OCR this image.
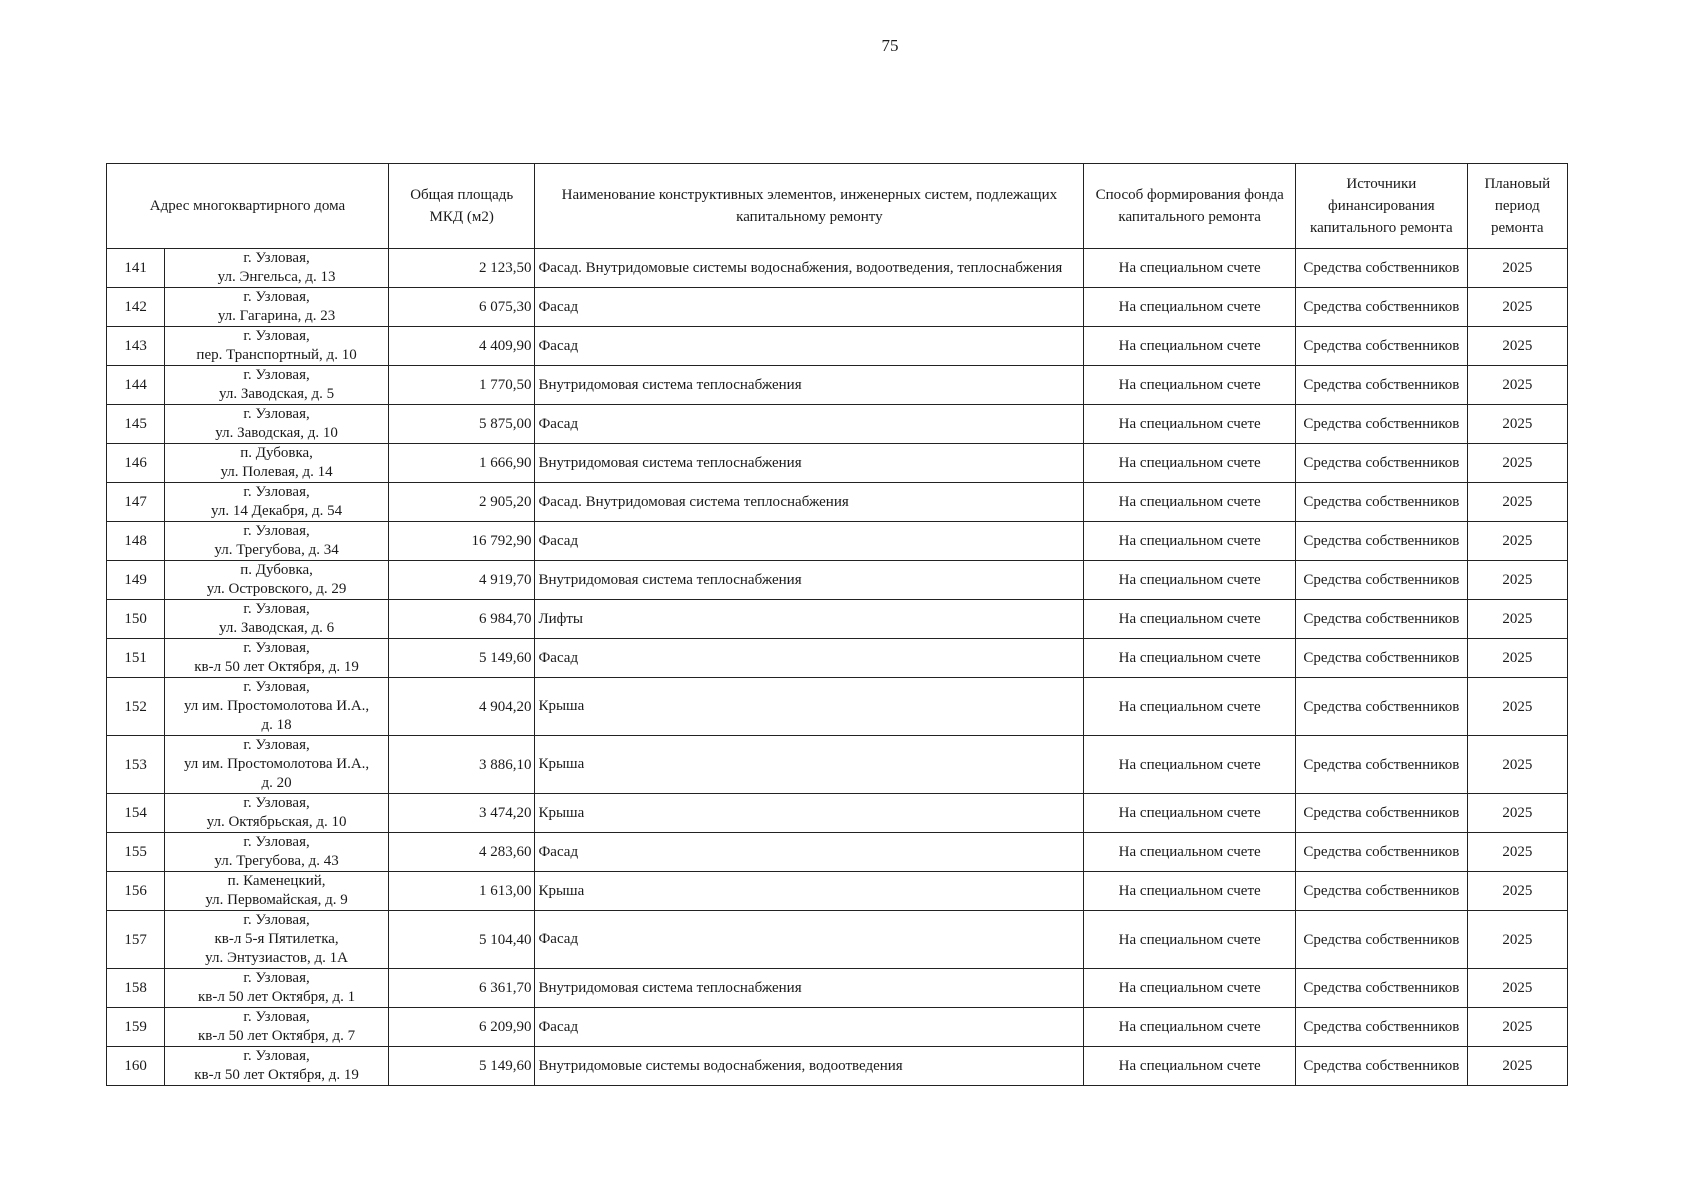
75
Адрес многоквартирного дома		Общая площадь МКД (м2)	Наименование конструктивных элементов, инженерных систем, подлежащих капитальному ремонту	Способ формирования фонда капитального ремонта	Источники финансирования капитального ремонта	Плановый период ремонта
141	г. Узловая,
ул. Энгельса, д. 13	2 123,50	Фасад. Внутридомовые системы водоснабжения, водоотведения, теплоснабжения	На специальном счете	Средства собственников	2025
142	г. Узловая,
ул. Гагарина, д. 23	6 075,30	Фасад	На специальном счете	Средства собственников	2025
143	г. Узловая,
пер. Транспортный, д. 10	4 409,90	Фасад	На специальном счете	Средства собственников	2025
144	г. Узловая,
ул. Заводская, д. 5	1 770,50	Внутридомовая система теплоснабжения	На специальном счете	Средства собственников	2025
145	г. Узловая,
ул. Заводская, д. 10	5 875,00	Фасад	На специальном счете	Средства собственников	2025
146	п. Дубовка,
ул. Полевая, д. 14	1 666,90	Внутридомовая система теплоснабжения	На специальном счете	Средства собственников	2025
147	г. Узловая,
ул. 14 Декабря, д. 54	2 905,20	Фасад. Внутридомовая система теплоснабжения	На специальном счете	Средства собственников	2025
148	г. Узловая,
ул. Трегубова, д. 34	16 792,90	Фасад	На специальном счете	Средства собственников	2025
149	п. Дубовка,
ул. Островского, д. 29	4 919,70	Внутридомовая система теплоснабжения	На специальном счете	Средства собственников	2025
150	г. Узловая,
ул. Заводская, д. 6	6 984,70	Лифты	На специальном счете	Средства собственников	2025
151	г. Узловая,
кв-л 50 лет Октября, д. 19	5 149,60	Фасад	На специальном счете	Средства собственников	2025
152	г. Узловая,
ул им. Простомолотова И.А.,
д. 18	4 904,20	Крыша	На специальном счете	Средства собственников	2025
153	г. Узловая,
ул им. Простомолотова И.А.,
д. 20	3 886,10	Крыша	На специальном счете	Средства собственников	2025
154	г. Узловая,
ул. Октябрьская, д. 10	3 474,20	Крыша	На специальном счете	Средства собственников	2025
155	г. Узловая,
ул. Трегубова, д. 43	4 283,60	Фасад	На специальном счете	Средства собственников	2025
156	п. Каменецкий,
ул. Первомайская, д. 9	1 613,00	Крыша	На специальном счете	Средства собственников	2025
157	г. Узловая,
кв-л 5-я Пятилетка,
ул. Энтузиастов, д. 1А	5 104,40	Фасад	На специальном счете	Средства собственников	2025
158	г. Узловая,
кв-л 50 лет Октября, д. 1	6 361,70	Внутридомовая система теплоснабжения	На специальном счете	Средства собственников	2025
159	г. Узловая,
кв-л 50 лет Октября, д. 7	6 209,90	Фасад	На специальном счете	Средства собственников	2025
160	г. Узловая,
кв-л 50 лет Октября, д. 19	5 149,60	Внутридомовые системы водоснабжения, водоотведения	На специальном счете	Средства собственников	2025
